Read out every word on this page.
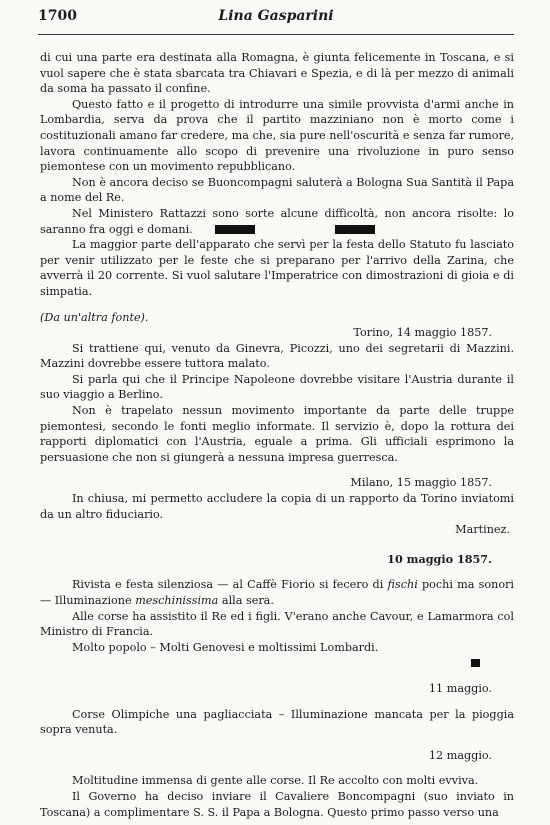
1700	Lina Gasparini

di cui una parte era destinata alla Romagna, è giunta felicemente in Toscana, e si vuol sapere che è stata sbarcata tra Chiavari e Spezia, e di là per mezzo di animali da soma ha passato il confine.

Questo fatto e il progetto di introdurre una simile provvista d'armi anche in Lombardia, serva da prova che il partito mazziniano non è morto come i costituzionali amano far credere, ma che, sia pure nell'oscurità e senza far rumore, lavora continuamente allo scopo di prevenire una rivoluzione in puro senso piemontese con un movimento repubblicano.

Non è ancora deciso se Buoncompagni saluterà a Bologna Sua Santità il Papa a nome del Re.

Nel Ministero Rattazzi sono sorte alcune difficoltà, non ancora risolte: lo saranno fra oggi e domani.

La maggior parte dell'apparato che servì per la festa dello Statuto fu lasciato per venir utilizzato per le feste che si preparano per l'arrivo della Zarina, che avverrà il 20 corrente. Si vuol salutare l'Imperatrice con dimostrazioni di gioia e di simpatia.

(Da un'altra fonte).

Torino, 14 maggio 1857.

Si trattiene qui, venuto da Ginevra, Picozzi, uno dei segretarii di Mazzini. Mazzini dovrebbe essere tuttora malato.

Si parla qui che il Principe Napoleone dovrebbe visitare l'Austria durante il suo viaggio a Berlino.

Non è trapelato nessun movimento importante da parte delle truppe piemontesi, secondo le fonti meglio informate. Il servizio è, dopo la rottura dei rapporti diplomatici con l'Austria, eguale a prima. Gli ufficiali esprimono la persuasione che non si giungerà a nessuna impresa guerresca.

Milano, 15 maggio 1857.

In chiusa, mi permetto accludere la copia di un rapporto da Torino inviatomi da un altro fiduciario.

Martinez.

10 maggio 1857.

Rivista e festa silenziosa — al Caffè Fiorio si fecero di fischi pochi ma sonori — Illuminazione meschinissima alla sera.

Alle corse ha assistito il Re ed i figli. V'erano anche Cavour, e Lamarmora col Ministro di Francia.

Molto popolo – Molti Genovesi e moltissimi Lombardi.

11 maggio.

Corse Olimpiche una pagliacciata – Illuminazione mancata per la pioggia sopra venuta.

12 maggio.

Moltitudine immensa di gente alle corse. Il Re accolto con molti evviva.

Il Governo ha deciso inviare il Cavaliere Boncompagni (suo inviato in Toscana) a complimentare S. S. il Papa a Bologna. Questo primo passo verso una
